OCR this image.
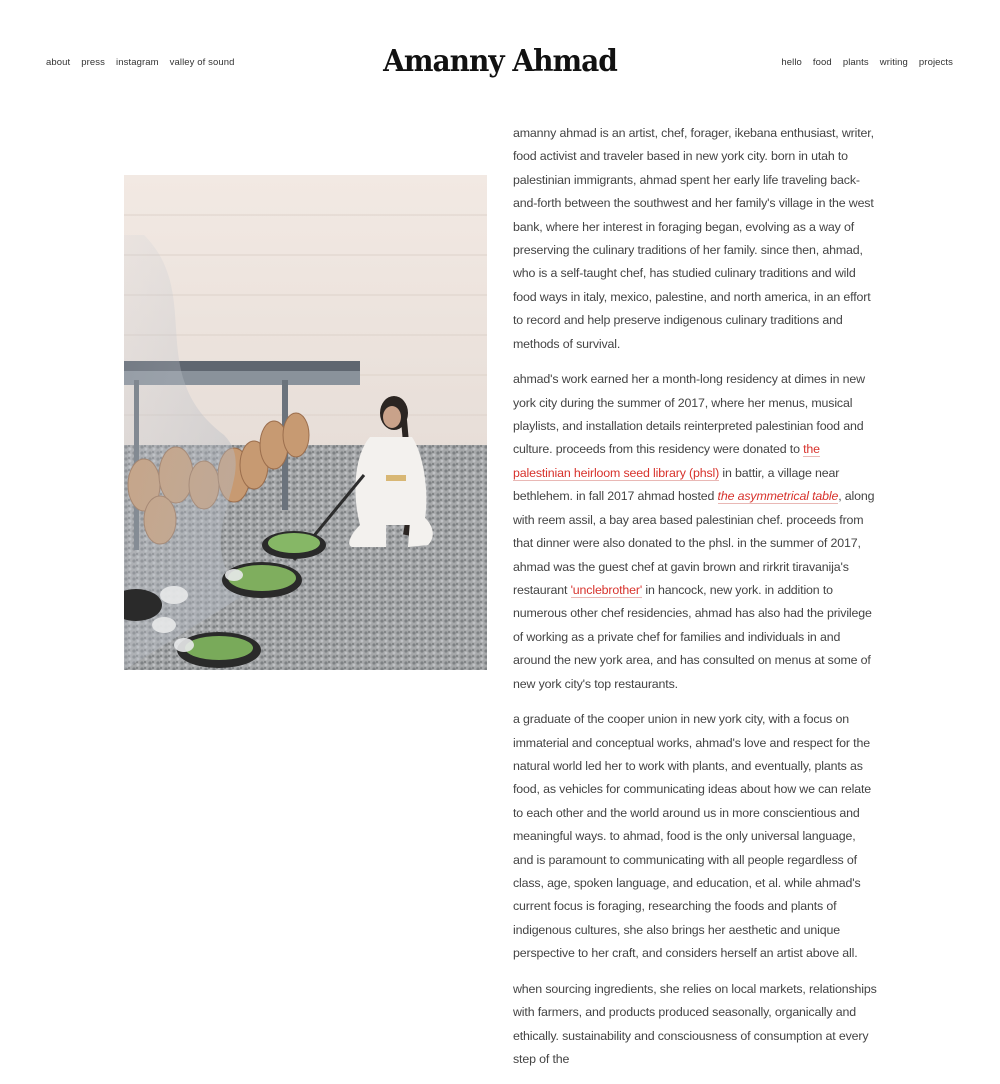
about press instagram valley of sound	Amanny Ahmad	hello food plants writing projects

amanny ahmad is an artist, chef, forager, ikebana enthusiast, writer, food activist and traveler based in new york city. born in utah to palestinian immigrants, ahmad spent her early life traveling back-and-forth between the southwest and her family's village in the west bank, where her interest in foraging began, evolving as a way of preserving the culinary traditions of her family. since then, ahmad, who is a self-taught chef, has studied culinary traditions and wild food ways in italy, mexico, palestine, and north america, in an effort to record and help preserve indigenous culinary traditions and methods of survival.

ahmad's work earned her a month-long residency at dimes in new york city during the summer of 2017, where her menus, musical playlists, and installation details reinterpreted palestinian food and culture. proceeds from this residency were donated to the palestinian heirloom seed library (phsl) in battir, a village near bethlehem. in fall 2017 ahmad hosted the asymmetrical table, along with reem assil, a bay area based palestinian chef. proceeds from that dinner were also donated to the phsl. in the summer of 2017, ahmad was the guest chef at gavin brown and rirkrit tiravanija's restaurant 'unclebrother' in hancock, new york. in addition to numerous other chef residencies, ahmad has also had the privilege of working as a private chef for families and individuals in and around the new york area, and has consulted on menus at some of new york city's top restaurants.

a graduate of the cooper union in new york city, with a focus on immaterial and conceptual works, ahmad's love and respect for the natural world led her to work with plants, and eventually, plants as food, as vehicles for communicating ideas about how we can relate to each other and the world around us in more conscientious and meaningful ways. to ahmad, food is the only universal language, and is paramount to communicating with all people regardless of class, age, spoken language, and education, et al. while ahmad's current focus is foraging, researching the foods and plants of indigenous cultures, she also brings her aesthetic and unique perspective to her craft, and considers herself an artist above all.

when sourcing ingredients, she relies on local markets, relationships with farmers, and products produced seasonally, organically and ethically. sustainability and consciousness of consumption at every step of the
